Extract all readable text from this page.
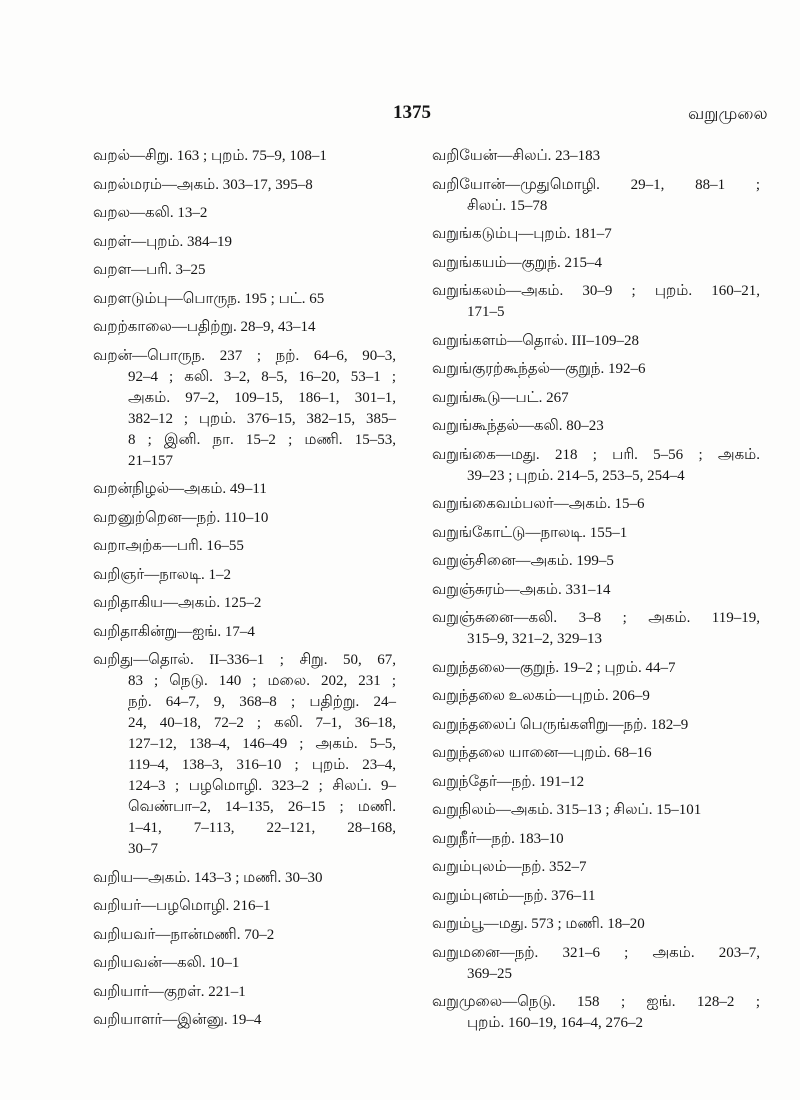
1375	வறுமுலை
வறல்—சிறு. 163 ; புறம். 75–9, 108–1
வறல்மரம்—அகம். 303–17, 395–8
வறல—கலி. 13–2
வறள்—புறம். 384–19
வறள—பரி. 3–25
வறளடும்பு—பொருந. 195 ; பட். 65
வறற்காலை—பதிற்று. 28–9, 43–14
வறன்—பொருந. 237 ; நற். 64–6, 90–3,
92–4 ; கலி. 3–2, 8–5, 16–20, 53–1 ;
அகம். 97–2, 109–15, 186–1, 301–1,
382–12 ; புறம். 376–15, 382–15, 385–
8 ; இனி. நா. 15–2 ; மணி. 15–53,
21–157
வறன்நிழல்—அகம். 49–11
வறனுற்றென—நற். 110–10
வறாஅற்க—பரி. 16–55
வறிஞர்—நாலடி. 1–2
வறிதாகிய—அகம். 125–2
வறிதாகின்று—ஐங். 17–4
வறிது—தொல். II–336–1 ; சிறு. 50, 67,
83 ; நெடு. 140 ; மலை. 202, 231 ;
நற். 64–7, 9, 368–8 ; பதிற்று. 24–
24, 40–18, 72–2 ; கலி. 7–1, 36–18,
127–12, 138–4, 146–49 ; அகம். 5–5,
119–4, 138–3, 316–10 ; புறம். 23–4,
124–3 ; பழமொழி. 323–2 ; சிலப். 9–
வெண்பா–2, 14–135, 26–15 ; மணி.
1–41, 7–113, 22–121, 28–168,
30–7
வறிய—அகம். 143–3 ; மணி. 30–30
வறியர்—பழமொழி. 216–1
வறியவர்—நான்மணி. 70–2
வறியவன்—கலி. 10–1
வறியார்—குறள். 221–1
வறியாளர்—இன்னு. 19–4
வறியேன்—சிலப். 23–183
வறியோன்—முதுமொழி. 29–1, 88–1 ;
சிலப். 15–78
வறுங்கடும்பு—புறம். 181–7
வறுங்கயம்—குறுந். 215–4
வறுங்கலம்—அகம். 30–9 ; புறம். 160–21,
171–5
வறுங்களம்—தொல். III–109–28
வறுங்குரற்கூந்தல்—குறுந். 192–6
வறுங்கூடு—பட். 267
வறுங்கூந்தல்—கலி. 80–23
வறுங்கை—மது. 218 ; பரி. 5–56 ; அகம்.
39–23 ; புறம். 214–5, 253–5, 254–4
வறுங்கைவம்பலர்—அகம். 15–6
வறுங்கோட்டு—நாலடி. 155–1
வறுஞ்சினை—அகம். 199–5
வறுஞ்சுரம்—அகம். 331–14
வறுஞ்சுனை—கலி. 3–8 ; அகம். 119–19,
315–9, 321–2, 329–13
வறுந்தலை—குறுந். 19–2 ; புறம். 44–7
வறுந்தலை உலகம்—புறம். 206–9
வறுந்தலைப் பெருங்களிறு—நற். 182–9
வறுந்தலை யானை—புறம். 68–16
வறுந்தேர்—நற். 191–12
வறுநிலம்—அகம். 315–13 ; சிலப். 15–101
வறுநீர்—நற். 183–10
வறும்புலம்—நற். 352–7
வறும்புனம்—நற். 376–11
வறும்பூ—மது. 573 ; மணி. 18–20
வறுமனை—நற். 321–6 ; அகம். 203–7,
369–25
வறுமுலை—நெடு. 158 ; ஐங். 128–2 ;
புறம். 160–19, 164–4, 276–2
